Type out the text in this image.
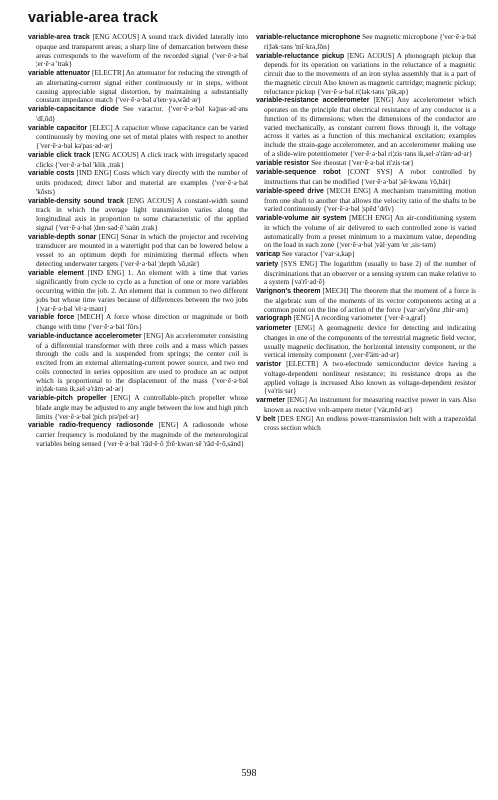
variable-area track

variable-area track [ENG ACOUS] A sound track divided laterally into opaque and transparent areas; a sharp line of demarcation between these areas corresponds to the waveform of the recorded signal {'ver·ē·ə·bəl ¦er·ē·ə 'trak}

variable attenuator [ELECTR] An attenuator for reducing the strength of an alternating-current signal either continuously or in steps, without causing appreciable signal distortion, by maintaining a substantially constant impedance match {'ver·ē·ə·bəl ə'ten·yə,wād·ər}

variable-capacitance diode See varactor. {'ver·ē·ə·bəl kə¦pas·əd·əns 'dī,ōd}

variable capacitor [ELEC] A capacitor whose capacitance can be varied continuously by moving one set of metal plates with respect to another {'ver·ē·ə·bəl kə'pas·əd·ər}

variable click track [ENG ACOUS] A click track with irregularly spaced clicks {'ver·ē·ə·bəl 'klik ,trak}

variable costs [IND ENG] Costs which vary directly with the number of units produced; direct labor and material are examples {'ver·ē·ə·bəl 'kōsts}

variable-density sound track [ENG ACOUS] A constant-width sound track in which the average light transmission varies along the longitudinal axis in proportion to some characteristic of the applied signal {'ver·ē·ə·bəl ¦den·səd·ē 'saün ,trak}

variable-depth sonar [ENG] Sonar in which the projector and receiving transducer are mounted in a watertight pod that can be lowered below a vessel to an optimum depth for minimizing thermal effects when detecting underwater targets {'ver·ē·ə·bəl ¦depth 'sō,när}

variable element [IND ENG] 1. An element with a time that varies significantly from cycle to cycle as a function of one or more variables occurring within the job. 2. An element that is common to two different jobs but whose time varies because of differences between the two jobs {¦var·ē·ə·bəl 'el·ə·mənt}

variable force [MECH] A force whose direction or magnitude or both change with time {'ver·ē·ə·bəl 'fōrs}

variable-inductance accelerometer [ENG] An accelerometer consisting of a differential transformer with three coils and a mass which passes through the coils and is suspended from springs; the center coil is excited from an external alternating-current power source, and two end coils connected in series opposition are used to produce an ac output which is proportional to the displacement of the mass {'ver·ē·ə·bəl in¦dək·təns ik,sel·ə'räm·əd·ər}

variable-pitch propeller [ENG] A controllable-pitch propeller whose blade angle may be adjusted to any angle between the low and high pitch limits {'ver·ē·ə·bəl ¦pich prə'pel·ər}

variable radio-frequency radiosonde [ENG] A radiosonde whose carrier frequency is modulated by the magnitude of the meteorological variables being sensed {'ver·ē·ə·bəl 'rād·ē·ō ¦frē·kwən·sē 'rād·ē·ō,sänd}

variable-reluctance microphone See magnetic microphone {'ver·ē·ə·bəl ri¦lək·təns 'mī·krə,fōn}

variable-reluctance pickup [ENG ACOUS] A phonograph pickup that depends for its operation on variations in the reluctance of a magnetic circuit due to the movements of an iron stylus assembly that is a part of the magnetic circuit Also known as magnetic cartridge; magnetic pickup; reluctance pickup {'ver·ē·ə·bəl ri¦lək·təns 'pik,əp}

variable-resistance accelerometer [ENG] Any accelerometer which operates on the principle that electrical resistance of any conductor is a function of its dimensions; when the dimensions of the conductor are varied mechanically, as constant current flows through it, the voltage across it varies as a function of this mechanical excitation; examples include the strain-gage accelerometer, and an accelerometer making use of a slide-wire potentiometer {'ver·ē·ə·bəl ri¦zis·təns ik,sel·ə'räm·əd·ər}

variable resistor See rheostat {'ver·ē·ə·bəl ri'zis·tər}

variable-sequence robot [CONT SYS] A robot controlled by instructions that can be modified {'ver·ē·ə·bəl ¦sē·kwəns 'rō,bät}

variable-speed drive [MECH ENG] A mechanism transmitting motion from one shaft to another that allows the velocity ratio of the shafts to be varied continuously {'ver·ē·ə·bəl ¦spēd 'drīv}

variable-volume air system [MECH ENG] An air-conditioning system in which the volume of air delivered to each controlled zone is varied automatically from a preset minimum to a maximum value, depending on the load in each zone {¦ver·ē·ə·bəl ¦väl·yəm 'er ,sis·təm}

varicap See varactor {'var·ə,kap}

variety [SYS ENG] The logarithm (usually to base 2) of the number of discriminations that an observer or a sensing system can make relative to a system {və'rī·əd·ē}

Varignon's theorem [MECH] The theorem that the moment of a force is the algebraic sum of the moments of its vector components acting at a common point on the line of action of the force {var·ən'yōnz ,thir·əm}

variograph [ENG] A recording variometer {'ver·ē·ə,graf}

variometer [ENG] A geomagnetic device for detecting and indicating changes in one of the components of the terrestrial magnetic field vector, usually magnetic declination, the horizontal intensity component, or the vertical intensity component {,ver·ē'äm·əd·ər}

varistor [ELECTR] A two-electrode semiconductor device having a voltage-dependent nonlinear resistance; its resistance drops as the applied voltage is increased Also known as voltage-dependent resistor {və'ris·tər}

varmeter [ENG] An instrument for measuring reactive power in vars Also known as reactive volt-ampere meter {'vär,mēd·ər}

V belt [DES ENG] An endless power-transmission belt with a trapezoidal cross section which

598
